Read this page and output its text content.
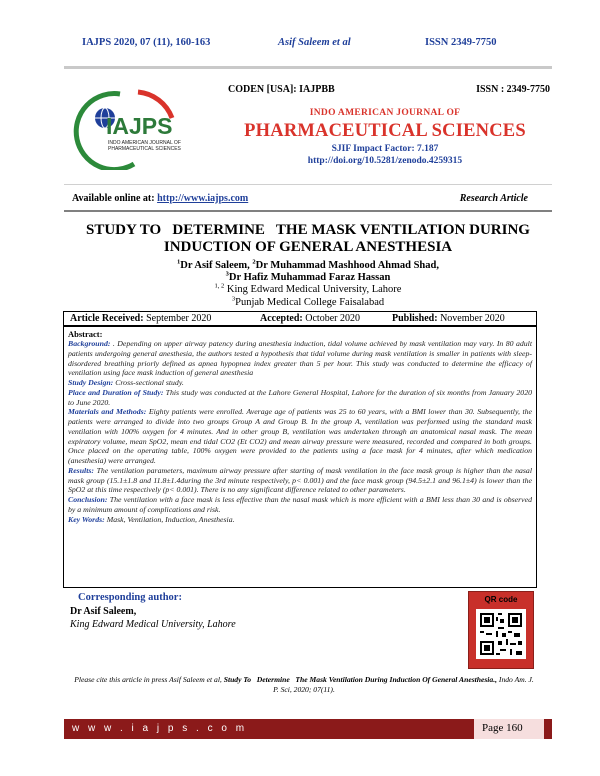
IAJPS 2020, 07 (11), 160-163	Asif Saleem et al	ISSN 2349-7750
IAJPS
INDO AMERICAN JOURNAL OF
PHARMACEUTICAL SCIENCES
CODEN [USA]: IAJPBB	ISSN : 2349-7750
INDO AMERICAN JOURNAL OF
PHARMACEUTICAL SCIENCES
SJIF Impact Factor: 7.187
http://doi.org/10.5281/zenodo.4259315
Available online at: http://www.iajps.com	Research Article
STUDY TO   DETERMINE   THE MASK VENTILATION DURING
INDUCTION OF GENERAL ANESTHESIA
$^1$Dr Asif Saleem, $^2$Dr Muhammad Mashhood Ahmad Shad,
$^3$Dr Hafiz Muhammad Faraz Hassan
$^{1, 2}$ King Edward Medical University, Lahore
$^3$Punjab Medical College Faisalabad
Article Received: September 2020	Accepted: October 2020	Published: November 2020
Abstract:
Background: . Depending on upper airway patency during anesthesia induction, tidal volume achieved by mask ventilation may vary. In 80 adult patients undergoing general anesthesia, the authors tested a hypothesis that tidal volume during mask ventilation is smaller in patients with sleep-disordered breathing priorly defined as apnea hypopnea index greater than 5 per hour. This study was conducted to determine the efficacy of ventilation using face mask induction of general anesthesia
Study Design: Cross-sectional study.
Place and Duration of Study: This study was conducted at the Lahore General Hospital, Lahore for the duration of six months from January 2020 to June 2020.
Materials and Methods: Eighty patients were enrolled. Average age of patients was 25 to 60 years, with a BMI lower than 30. Subsequently, the patients were arranged to divide into two groups Group A and Group B. In the group A, ventilation was performed using the standard mask ventilation with 100% oxygen for 4 minutes. And in other group B, ventilation was undertaken through an anatomical nasal mask. The mean expiratory volume, mean SpO2, mean end tidal CO2 (Et CO2) and mean airway pressure were measured, recorded and compared in both groups. Once placed on the operating table, 100% oxygen were provided to the patients using a face mask for 4 minutes, after which medication (anesthesia) were arranged.
Results: The ventilation parameters, maximum airway pressure after starting of mask ventilation in the face mask group is higher than the nasal mask group (15.1±1.8 and 11.8±1.4during the 3rd minute respectively, p< 0.001) and the face mask group (94.5±2.1 and 96.1±4) is lower than the SpO2 at this time respectively (p< 0.001). There is no any significant difference related to other parameters.
Conclusion: The ventilation with a face mask is less effective than the nasal mask which is more efficient with a BMI less than 30 and is observed by a minimum amount of complications and risk.
Key Words: Mask, Ventilation, Induction, Anesthesia.
Corresponding author:
Dr Asif Saleem,
King Edward Medical University, Lahore
QR code
Please cite this article in press Asif Saleem et al, Study To   Determine   The Mask Ventilation During Induction Of General Anesthesia., Indo Am. J. P. Sci, 2020; 07(11).
w w w . i a j p s . c o m	Page 160
